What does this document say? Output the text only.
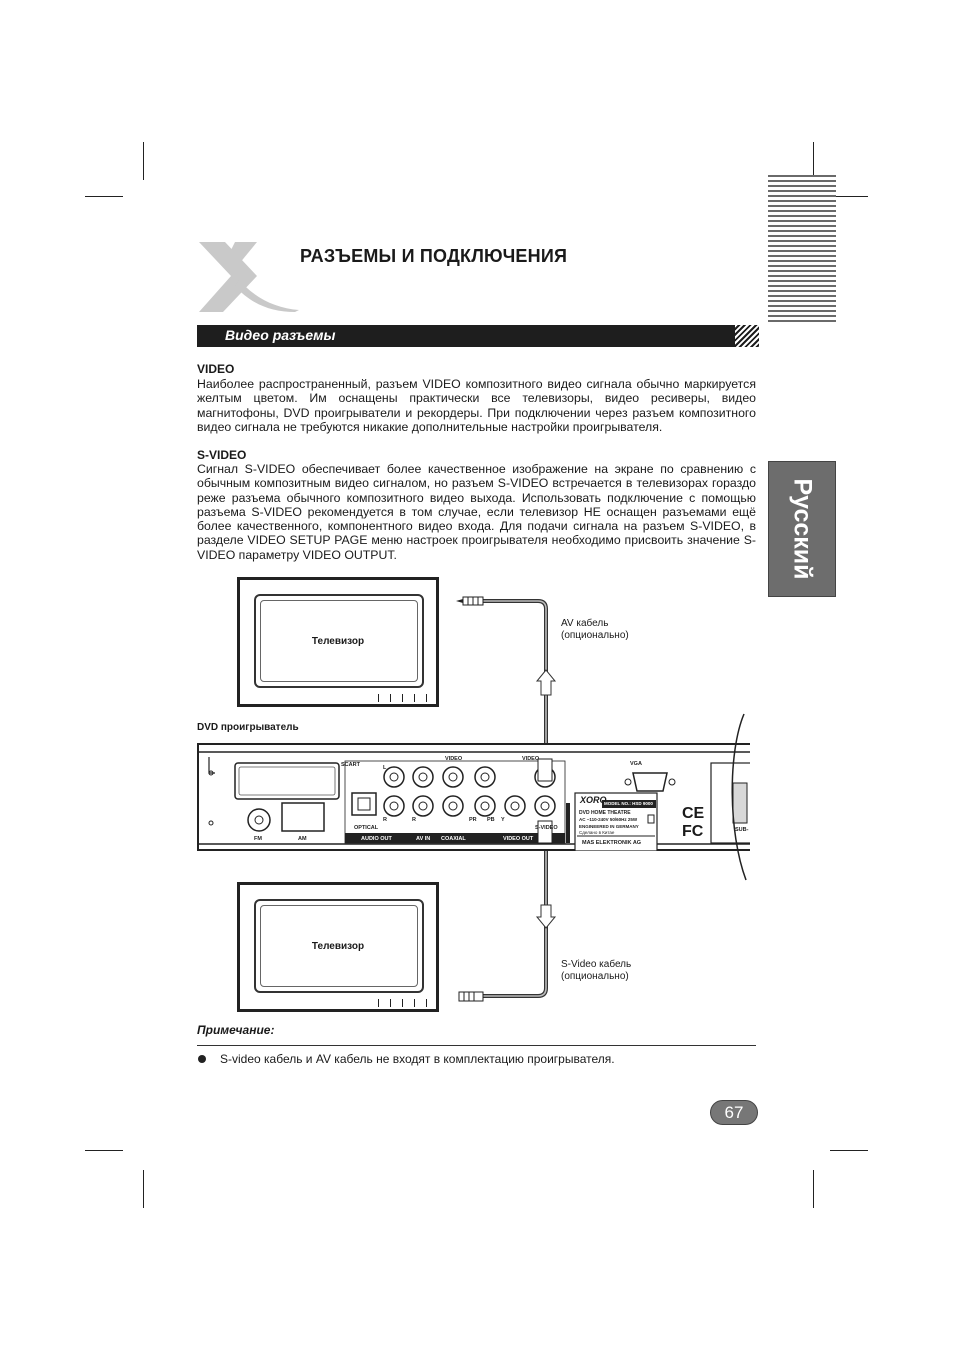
Русский
РАЗЪЕМЫ И ПОДКЛЮЧЕНИЯ
Видео разъемы
VIDEO
Наиболее распространенный, разъем VIDEO композитного видео сигнала обычно маркируется желтым цветом. Им оснащены практически все телевизоры, видео ресиверы, видео магнитофоны, DVD проигрыватели и рекордеры. При подключении через разъем композитного видео сигнала не требуются никакие дополнительные настройки проигрывателя.
S-VIDEO
Сигнал S-VIDEO обеспечивает более качественное изображение на экране по сравнению с обычным композитным видео сигналом, но разъем S-VIDEO встречается в телевизорах гораздо реже разъема обычного композитного видео выхода. Использовать подключение с помощью разъема S-VIDEO рекомендуется в том случае, если телевизор НЕ оснащен разъемами ещё более качественного, компонентного видео входа. Для подачи сигнала на разъем S-VIDEO, в разделе VIDEO SETUP PAGE меню настроек проигрывателя необходимо присвоить значение S-VIDEO параметру VIDEO OUTPUT.
Телевизор
Телевизор
AV кабель
(опционально)
S-Video кабель
(опционально)
DVD проигрыватель
CE
FC
SCART
VIDEO	VIDEO
VGA
L
R	R	PR PB Y
OPTICAL
AUDIO OUT	AV IN COAXIAL	VIDEO OUT
S-VIDEO
FM	AM
XORO
MODEL NO.: HSD 9000
DVD HOME THEATRE
AC ~110-240V 50/60Hz 25W
ENGINEERED IN GERMANY
Сделано в Китае
MAS ELEKTRONIK AG
SUB-
Примечание:
S-video кабель и AV кабель не входят в комплектацию проигрывателя.
67
